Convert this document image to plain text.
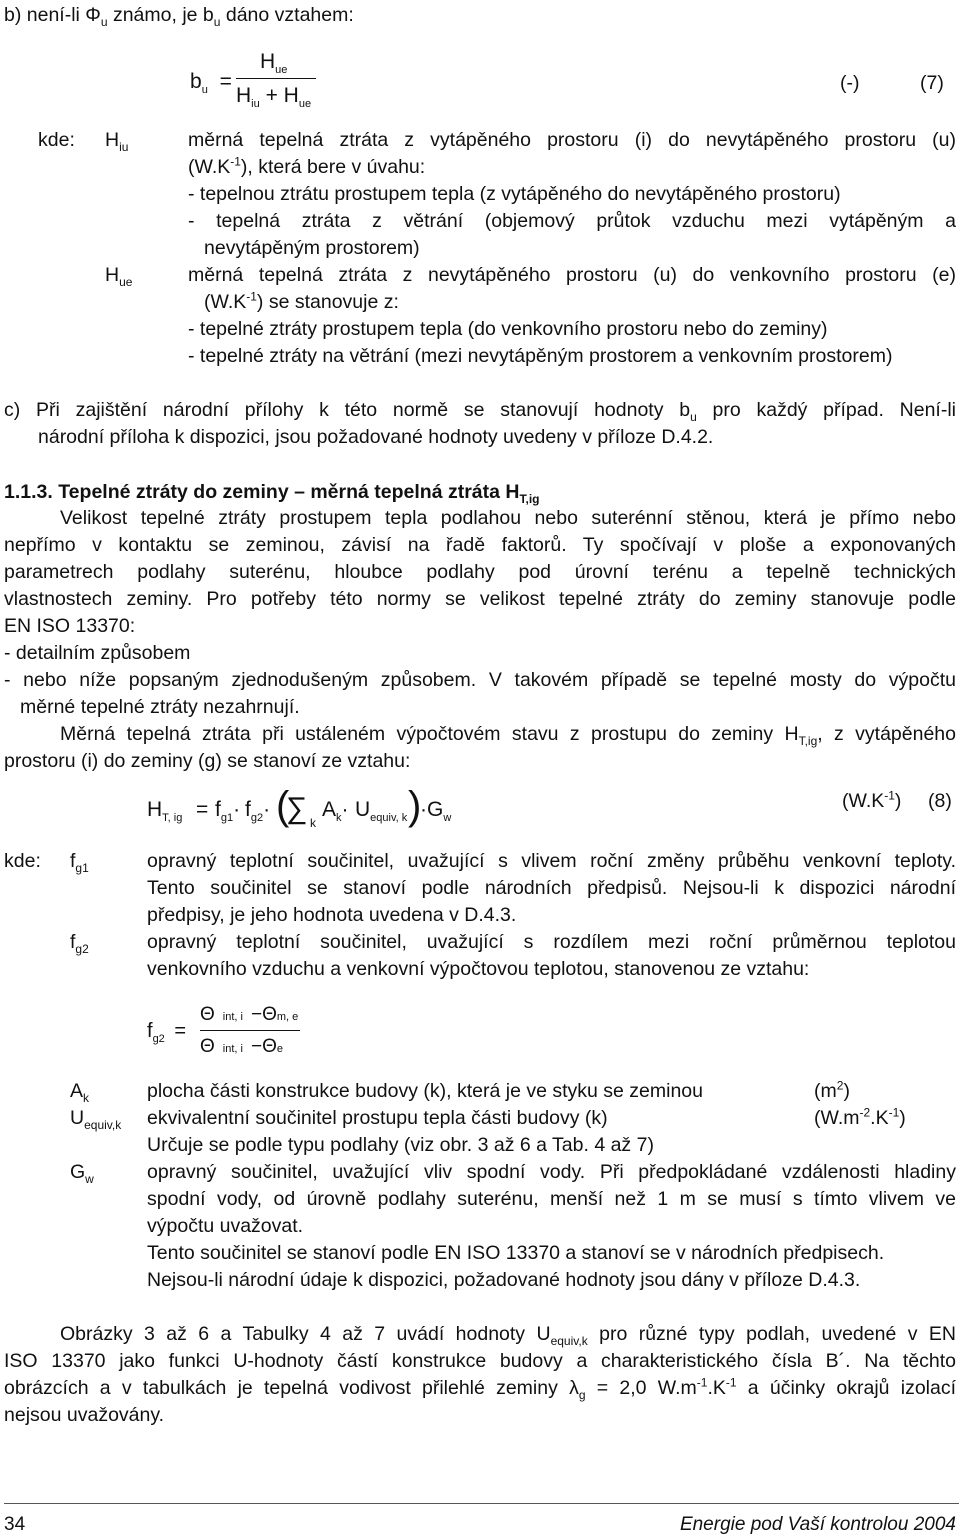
b) není-li $\Phi_u$ známo, je $b_u$ dáno vztahem:
$b_u$ =
$H_{ue}$
$H_{iu} + H_{ue}$
(-)	(7)
kde: $H_{iu}$	měrná tepelná ztráta z vytápěného prostoru (i) do nevytápěného prostoru (u)
$(W.K^{-1})$, která bere v úvahu:
- tepelnou ztrátu prostupem tepla (z vytápěného do nevytápěného prostoru)
- tepelná ztráta z větrání (objemový průtok vzduchu mezi vytápěným a
nevytápěným prostorem)
$H_{ue}$	měrná tepelná ztráta z nevytápěného prostoru (u) do venkovního prostoru (e)
$(W.K^{-1})$ se stanovuje z:
- tepelné ztráty prostupem tepla (do venkovního prostoru nebo do zeminy)
- tepelné ztráty na větrání (mezi nevytápěným prostorem a venkovním prostorem)
c) Při zajištění národní přílohy k této normě se stanovují hodnoty $b_u$ pro každý případ. Není-li
národní příloha k dispozici, jsou požadované hodnoty uvedeny v příloze D.4.2.
1.1.3. Tepelné ztráty do zeminy – měrná tepelná ztráta $H_{T,ig}$
Velikost tepelné ztráty prostupem tepla podlahou nebo suterénní stěnou, která je přímo nebo
nepřímo v kontaktu se zeminou, závisí na řadě faktorů. Ty spočívají v ploše a exponovaných
parametrech podlahy suterénu, hloubce podlahy pod úrovní terénu a tepelně technických
vlastnostech zeminy. Pro potřeby této normy se velikost tepelné ztráty do zeminy stanovuje podle
EN ISO 13370:
- detailním způsobem
- nebo níže popsaným zjednodušeným způsobem. V takovém případě se tepelné mosty do výpočtu
měrné tepelné ztráty nezahrnují.
Měrná tepelná ztráta při ustáleném výpočtovém stavu z prostupu do zeminy $H_{T,ig}$, z vytápěného
prostoru (i) do zeminy (g) se stanoví ze vztahu:
$H_{T, ig} = f_{g1}\cdot f_{g2}\cdot$ (
∑ k
$A_k\cdot U_{equiv, k}$ )
$\cdot G_w$
$(W.K^{-1})$ (8)
kde: $f_{g1}$	opravný teplotní součinitel, uvažující s vlivem roční změny průběhu venkovní teploty.
Tento součinitel se stanoví podle národních předpisů. Nejsou-li k dispozici národní
předpisy, je jeho hodnota uvedena v D.4.3.
$f_{g2}$	opravný teplotní součinitel, uvažující s rozdílem mezi roční průměrnou teplotou
venkovního vzduchu a venkovní výpočtovou teplotou, stanovenou ze vztahu:
$f_{g2}$ =
Θint, i −Θm, e
Θint, i −Θe
$A_k$	plocha části konstrukce budovy (k), která je ve styku se zeminou	$(m^2)$
$U_{equiv,k}$ ekvivalentní součinitel prostupu tepla části budovy (k)	$(W.m^{-2}.K^{-1})$
Určuje se podle typu podlahy (viz obr. 3 až 6 a Tab. 4 až 7)
$G_w$	opravný součinitel, uvažující vliv spodní vody. Při předpokládané vzdálenosti hladiny
spodní vody, od úrovně podlahy suterénu, menší než 1 m se musí s tímto vlivem ve
výpočtu uvažovat.
Tento součinitel se stanoví podle EN ISO 13370 a stanoví se v národních předpisech.
Nejsou-li národní údaje k dispozici, požadované hodnoty jsou dány v příloze D.4.3.
Obrázky 3 až 6 a Tabulky 4 až 7 uvádí hodnoty $U_{equiv,k}$ pro různé typy podlah, uvedené v EN
ISO 13370 jako funkci U-hodnoty částí konstrukce budovy a charakteristického čísla B´. Na těchto
obrázcích a v tabulkách je tepelná vodivost přilehlé zeminy $\lambda_g = 2,0$ $W.m^{-1}.K^{-1}$ a účinky okrajů izolací
nejsou uvažovány.
34	Energie pod Vaší kontrolou 2004
